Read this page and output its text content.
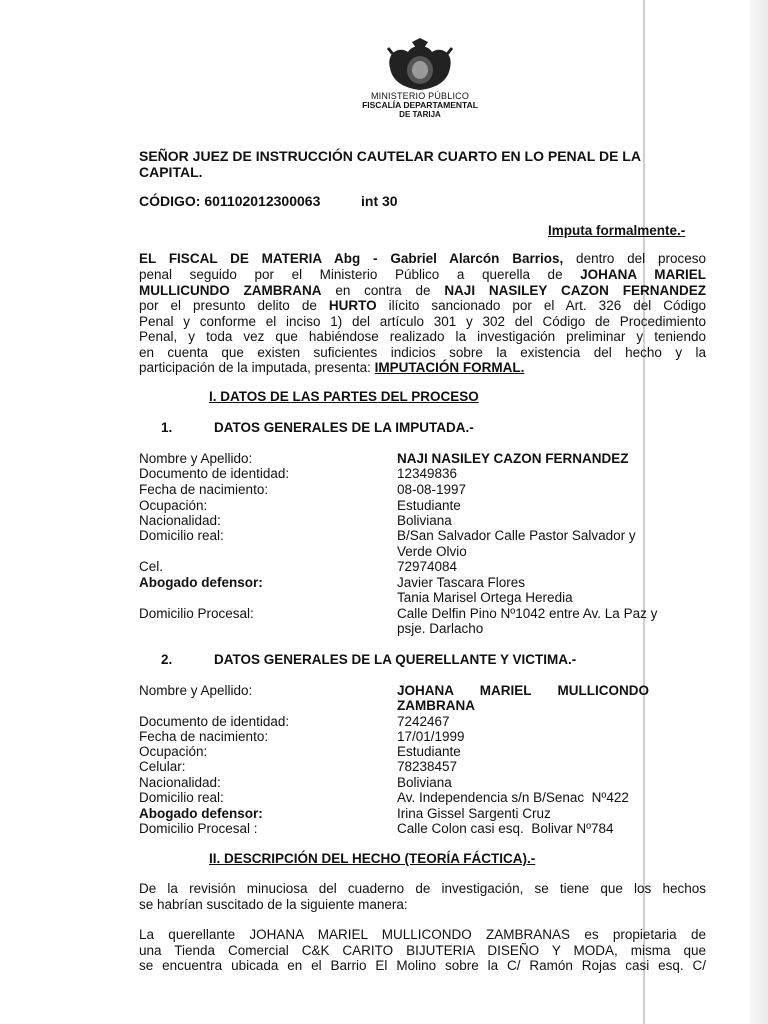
MINISTERIO PÚBLICO
FISCALÍA DEPARTAMENTAL
DE TARIJA
SEÑOR JUEZ DE INSTRUCCIÓN CAUTELAR CUARTO EN LO PENAL DE LA
CAPITAL.
CÓDIGO: 601102012300063	int 30
Imputa formalmente.-
EL FISCAL DE MATERIA Abg - Gabriel Alarcón Barrios, dentro del proceso
penal seguido por el Ministerio Público a querella de JOHANA MARIEL
MULLICUNDO ZAMBRANA en contra de NAJI NASILEY CAZON FERNANDEZ
por el presunto delito de HURTO ilícito sancionado por el Art. 326 del Código
Penal y conforme el inciso 1) del artículo 301 y 302 del Código de Procedimiento
Penal, y toda vez que habiéndose realizado la investigación preliminar y teniendo
en cuenta que existen suficientes indicios sobre la existencia del hecho y la
participación de la imputada, presenta: IMPUTACIÓN FORMAL.
I. DATOS DE LAS PARTES DEL PROCESO
1.	DATOS GENERALES DE LA IMPUTADA.-
Nombre y Apellido:	NAJI NASILEY CAZON FERNANDEZ
Documento de identidad:	12349836
Fecha de nacimiento:	08-08-1997
Ocupación:	Estudiante
Nacionalidad:	Boliviana
Domicilio real:	B/San Salvador Calle Pastor Salvador y
Verde Olvio
Cel.	72974084
Abogado defensor:	Javier Tascara Flores
Tania Marisel Ortega Heredia
Domicilio Procesal:	Calle Delfin Pino Nº1042 entre Av. La Paz y
psje. Darlacho
2.	DATOS GENERALES DE LA QUERELLANTE Y VICTIMA.-
Nombre y Apellido:	JOHANA       MARIEL       MULLICONDO
ZAMBRANA
Documento de identidad:	7242467
Fecha de nacimiento:	17/01/1999
Ocupación:	Estudiante
Celular:	78238457
Nacionalidad:	Boliviana
Domicilio real:	Av. Independencia s/n B/Senac  Nº422
Abogado defensor:	Irina Gissel Sargenti Cruz
Domicilio Procesal :	Calle Colon casi esq.  Bolivar Nº784
II. DESCRIPCIÓN DEL HECHO (TEORÍA FÁCTICA).-
De la revisión minuciosa del cuaderno de investigación, se tiene que los hechos
se habrían suscitado de la siguiente manera:
La querellante JOHANA MARIEL MULLICONDO ZAMBRANAS es propietaria de
una Tienda Comercial C&K CARITO BIJUTERIA DISEÑO Y MODA, misma que
se encuentra ubicada en el Barrio El Molino sobre la C/ Ramón Rojas casi esq. C/
